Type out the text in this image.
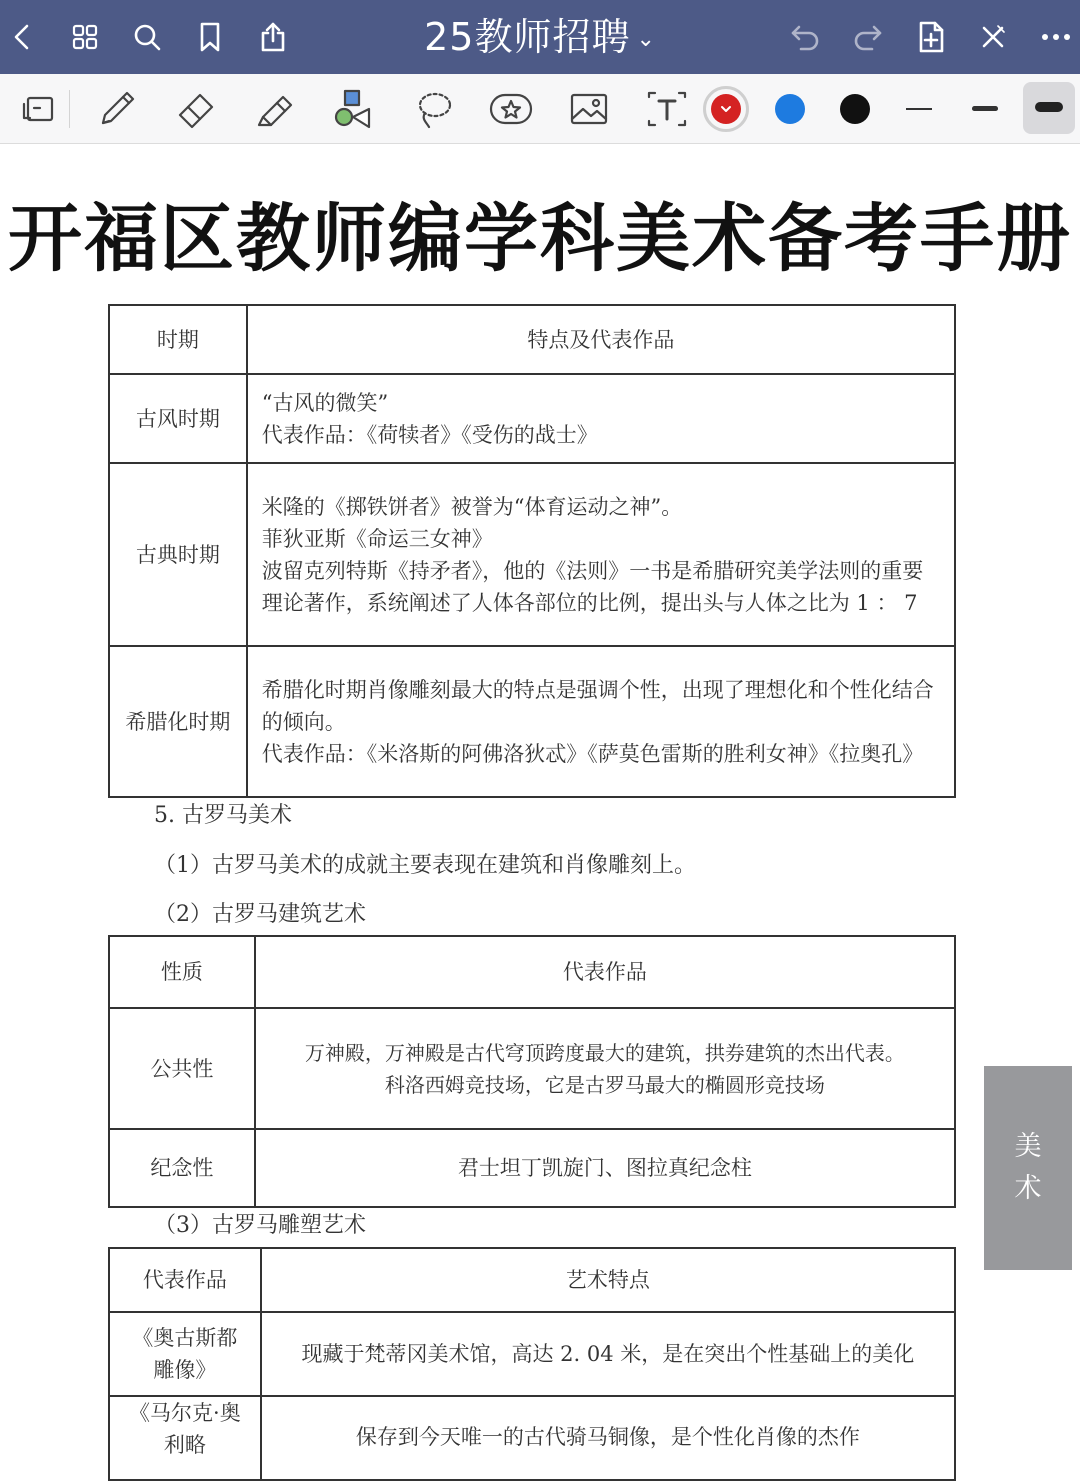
25教师招聘 ⌄
开福区教师编学科美术备考手册
时期	特点及代表作品
古风时期	“古风的微笑”
代表作品：《荷犊者》《受伤的战士》

古典时期	米隆的《掷铁饼者》被誉为“体育运动之神”。
菲狄亚斯《命运三女神》
波留克列特斯《持矛者》，他的《法则》一书是希腊研究美学法则的重要理论著作，系统阐述了人体各部位的比例，提出头与人体之比为 1 ： 7

希腊化时期	希腊化时期肖像雕刻最大的特点是强调个性，出现了理想化和个性化结合的倾向。
代表作品：《米洛斯的阿佛洛狄忒》《萨莫色雷斯的胜利女神》《拉奥孔》
5. 古罗马美术
（1）古罗马美术的成就主要表现在建筑和肖像雕刻上。
（2）古罗马建筑艺术
性质	代表作品
公共性	万神殿，万神殿是古代穹顶跨度最大的建筑，拱券建筑的杰出代表。
科洛西姆竞技场，它是古罗马最大的椭圆形竞技场

纪念性	君士坦丁凯旋门、图拉真纪念柱
（3）古罗马雕塑艺术
代表作品	艺术特点
《奥古斯都雕像》	现藏于梵蒂冈美术馆，高达 2. 04 米，是在突出个性基础上的美化
《马尔克·奥利略	保存到今天唯一的古代骑马铜像，是个性化肖像的杰作
美
术
